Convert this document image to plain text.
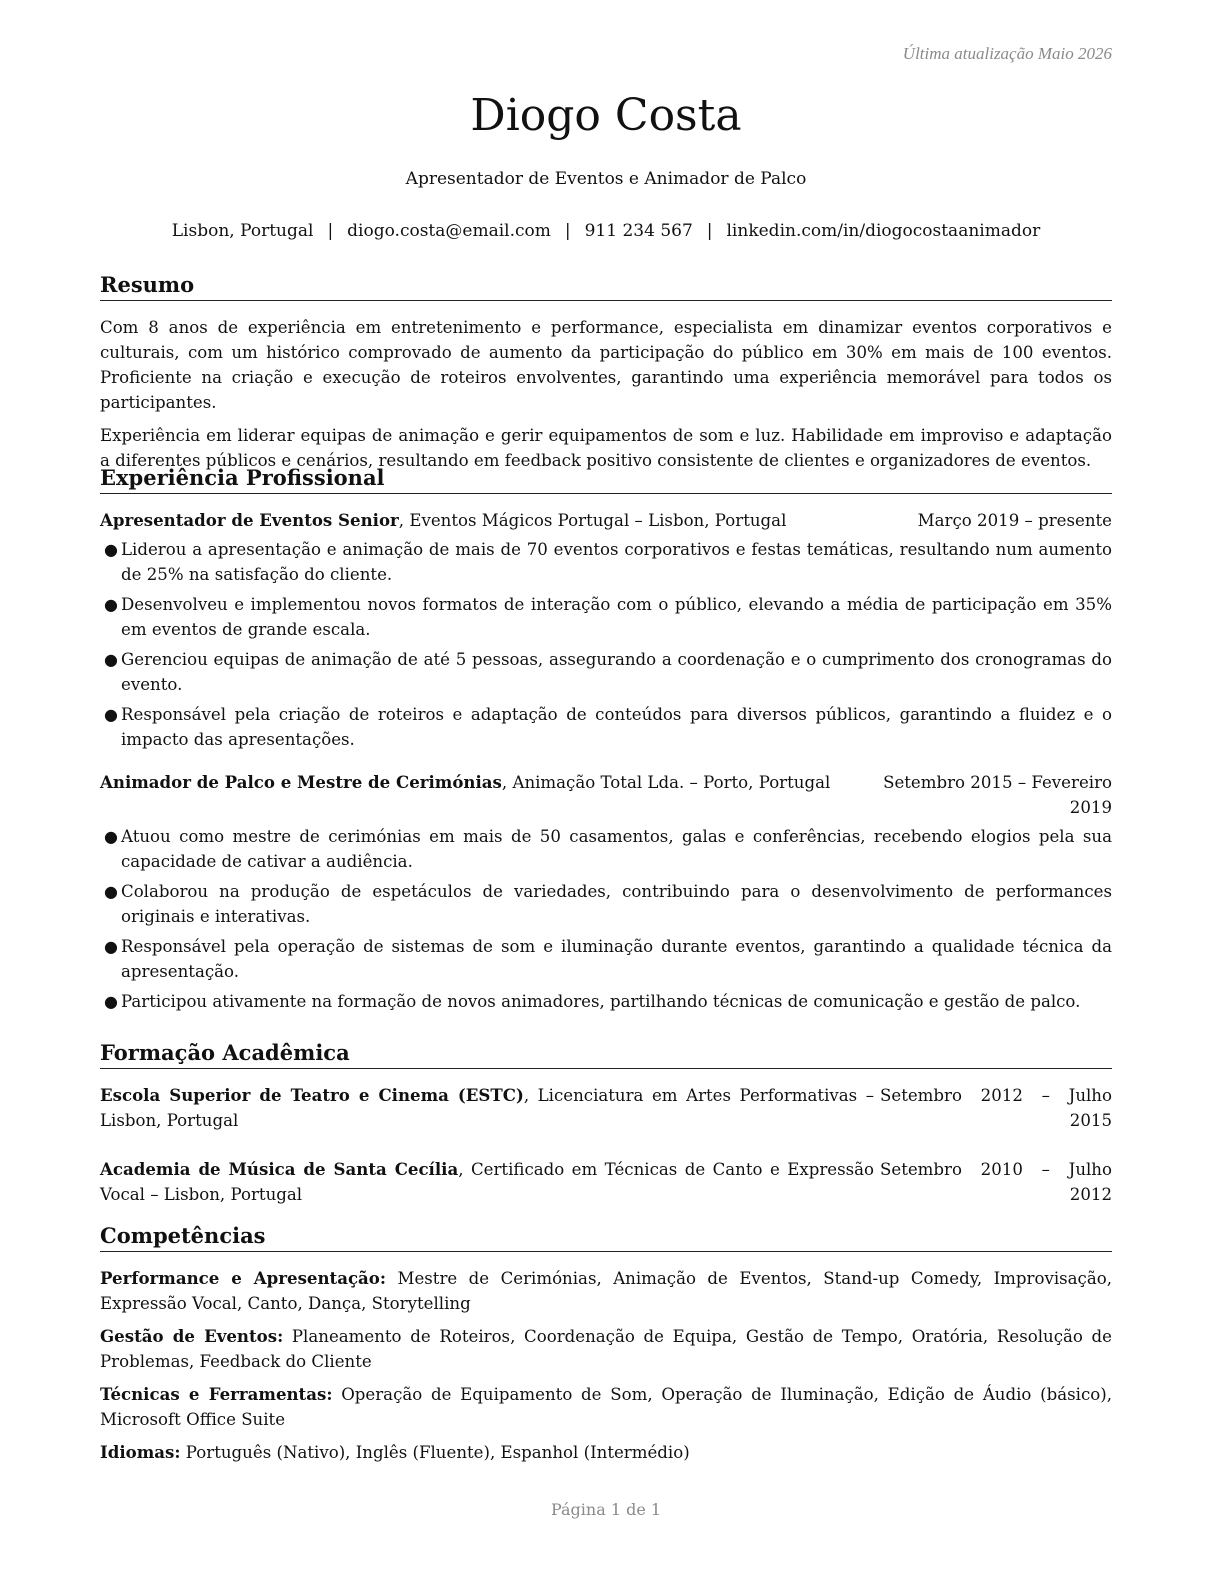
Última atualização Maio 2026
Diogo Costa
Apresentador de Eventos e Animador de Palco
Lisbon, Portugal | diogo.costa@email.com | 911 234 567 | linkedin.com/in/diogocostaanimador
Resumo

Com 8 anos de experiência em entretenimento e performance, especialista em dinamizar eventos corporativos e culturais, com um histórico comprovado de aumento da participação do público em 30% em mais de 100 eventos. Proficiente na criação e execução de roteiros envolventes, garantindo uma experiência memorável para todos os participantes.

Experiência em liderar equipas de animação e gerir equipamentos de som e luz. Habilidade em improviso e adaptação a diferentes públicos e cenários, resultando em feedback positivo consistente de clientes e organizadores de eventos.

Experiência Profissional
Apresentador de Eventos Senior, Eventos Mágicos Portugal – Lisbon, Portugal	Março 2019 – presente
● Liderou a apresentação e animação de mais de 70 eventos corporativos e festas temáticas, resultando num aumento de 25% na satisfação do cliente.
● Desenvolveu e implementou novos formatos de interação com o público, elevando a média de participação em 35% em eventos de grande escala.
● Gerenciou equipas de animação de até 5 pessoas, assegurando a coordenação e o cumprimento dos cronogramas do evento.
● Responsável pela criação de roteiros e adaptação de conteúdos para diversos públicos, garantindo a fluidez e o impacto das apresentações.
Animador de Palco e Mestre de Cerimónias, Animação Total Lda. – Porto, Portugal	Setembro 2015 – Fevereiro 2019
● Atuou como mestre de cerimónias em mais de 50 casamentos, galas e conferências, recebendo elogios pela sua capacidade de cativar a audiência.
● Colaborou na produção de espetáculos de variedades, contribuindo para o desenvolvimento de performances originais e interativas.
● Responsável pela operação de sistemas de som e iluminação durante eventos, garantindo a qualidade técnica da apresentação.
● Participou ativamente na formação de novos animadores, partilhando técnicas de comunicação e gestão de palco.
Formação Acadêmica
Escola Superior de Teatro e Cinema (ESTC), Licenciatura em Artes Performativas – Lisbon, Portugal
Setembro 2012 – Julho 2015
Academia de Música de Santa Cecília, Certificado em Técnicas de Canto e Expressão Vocal – Lisbon, Portugal
Setembro 2010 – Julho 2012
Competências

Performance e Apresentação: Mestre de Cerimónias, Animação de Eventos, Stand-up Comedy, Improvisação, Expressão Vocal, Canto, Dança, Storytelling

Gestão de Eventos: Planeamento de Roteiros, Coordenação de Equipa, Gestão de Tempo, Oratória, Resolução de Problemas, Feedback do Cliente

Técnicas e Ferramentas: Operação de Equipamento de Som, Operação de Iluminação, Edição de Áudio (básico), Microsoft Office Suite

Idiomas: Português (Nativo), Inglês (Fluente), Espanhol (Intermédio)

Página 1 de 1
